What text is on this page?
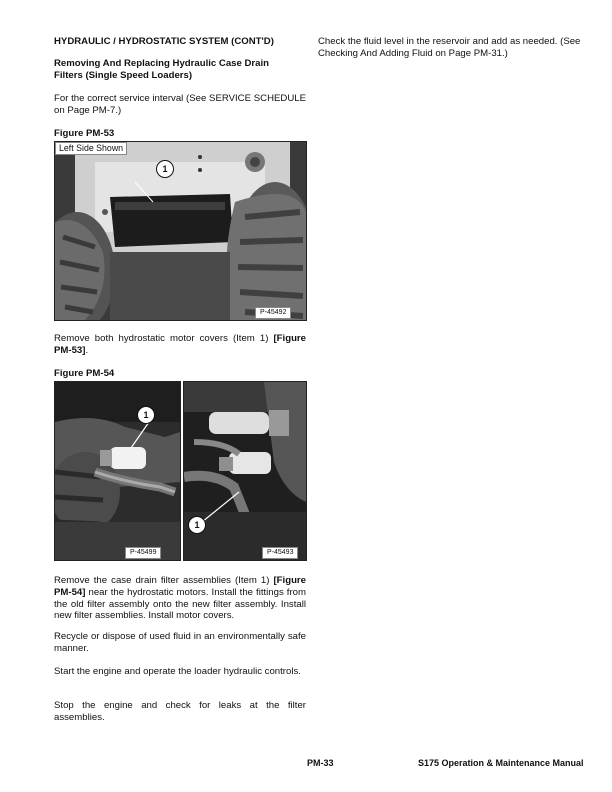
HYDRAULIC / HYDROSTATIC SYSTEM (CONT'D)

Removing And Replacing Hydraulic Case Drain

Filters (Single Speed Loaders)

For the correct service interval (See SERVICE SCHEDULE on Page PM-7.)

Figure PM-53

Left Side Shown
1
P-45492

Remove both hydrostatic motor covers (Item 1) [Figure PM-53].

Figure PM-54

1
P-45499
1
P-45493

Remove the case drain filter assemblies (Item 1) [Figure PM-54] near the hydrostatic motors. Install the fittings from the old filter assembly onto the new filter assembly. Install new filter assemblies. Install motor covers.

Recycle or dispose of used fluid in an environmentally safe manner.

Start the engine and operate the loader hydraulic controls.

Stop the engine and check for leaks at the filter assemblies.

Check the fluid level in the reservoir and add as needed. (See Checking And Adding Fluid on Page PM-31.)

PM-33	S175 Operation & Maintenance Manual
